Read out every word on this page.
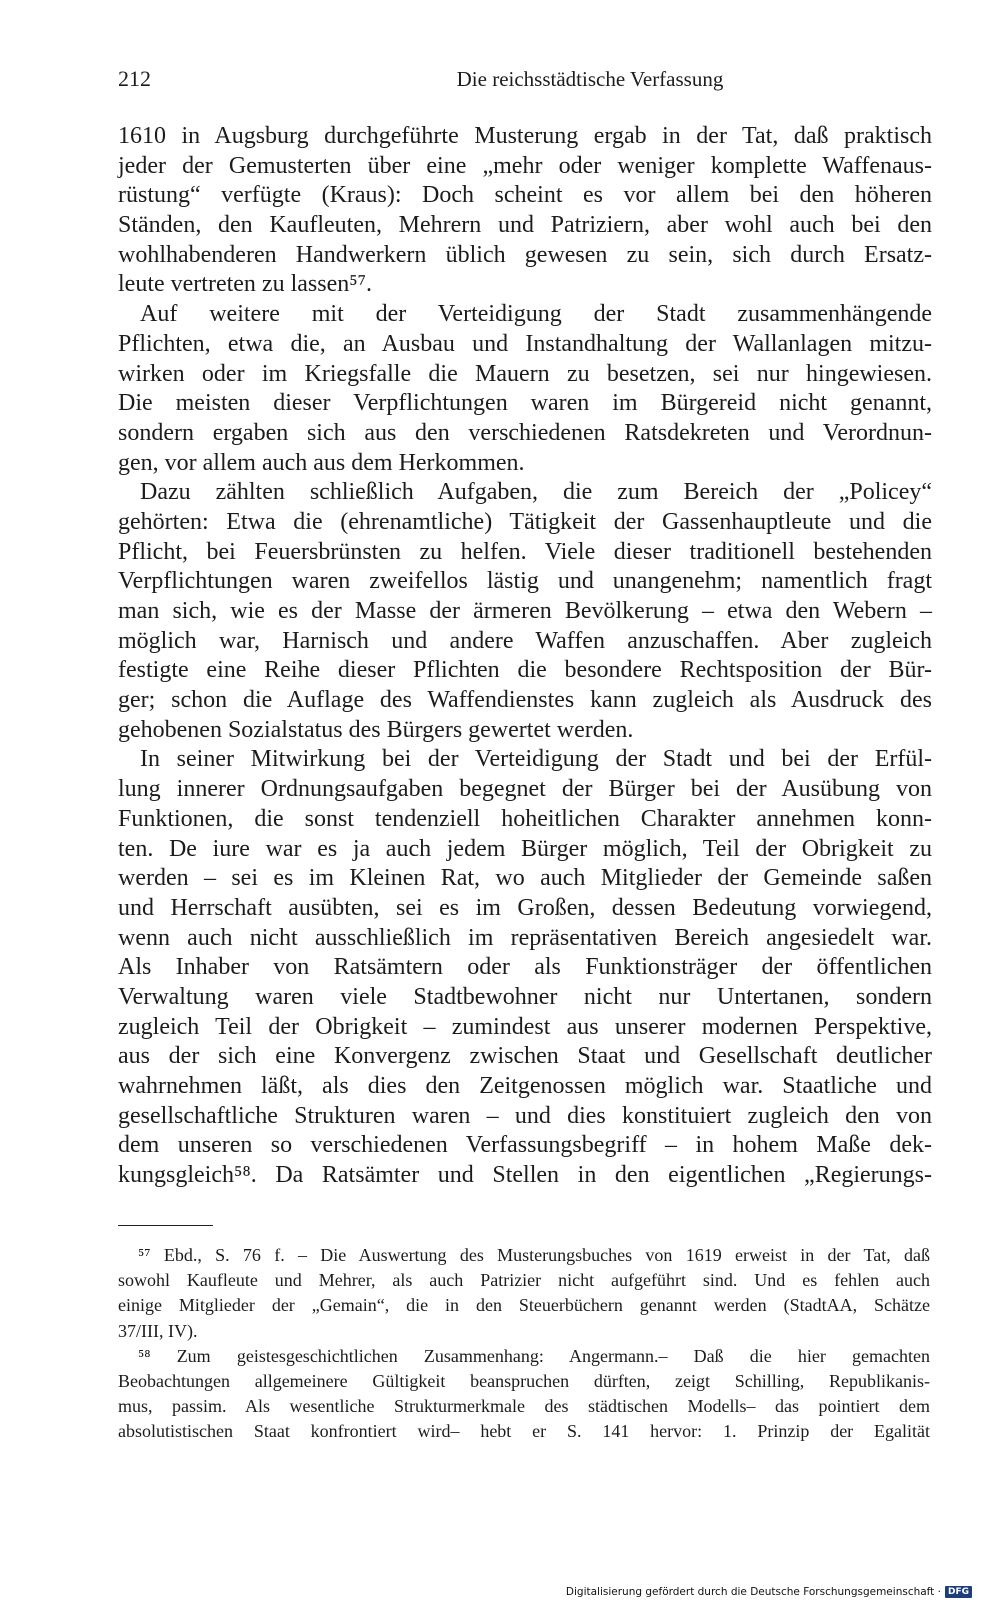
212	Die reichsstädtische Verfassung
1610 in Augsburg durchgeführte Musterung ergab in der Tat, daß praktisch
jeder der Gemusterten über eine „mehr oder weniger komplette Waffenaus-
rüstung“ verfügte (Kraus): Doch scheint es vor allem bei den höheren
Ständen, den Kaufleuten, Mehrern und Patriziern, aber wohl auch bei den
wohlhabenderen Handwerkern üblich gewesen zu sein, sich durch Ersatz-
leute vertreten zu lassen⁵⁷.
Auf weitere mit der Verteidigung der Stadt zusammenhängende
Pflichten, etwa die, an Ausbau und Instandhaltung der Wallanlagen mitzu-
wirken oder im Kriegsfalle die Mauern zu besetzen, sei nur hingewiesen.
Die meisten dieser Verpflichtungen waren im Bürgereid nicht genannt,
sondern ergaben sich aus den verschiedenen Ratsdekreten und Verordnun-
gen, vor allem auch aus dem Herkommen.
Dazu zählten schließlich Aufgaben, die zum Bereich der „Policey“
gehörten: Etwa die (ehrenamtliche) Tätigkeit der Gassenhauptleute und die
Pflicht, bei Feuersbrünsten zu helfen. Viele dieser traditionell bestehenden
Verpflichtungen waren zweifellos lästig und unangenehm; namentlich fragt
man sich, wie es der Masse der ärmeren Bevölkerung – etwa den Webern –
möglich war, Harnisch und andere Waffen anzuschaffen. Aber zugleich
festigte eine Reihe dieser Pflichten die besondere Rechtsposition der Bür-
ger; schon die Auflage des Waffendienstes kann zugleich als Ausdruck des
gehobenen Sozialstatus des Bürgers gewertet werden.
In seiner Mitwirkung bei der Verteidigung der Stadt und bei der Erfül-
lung innerer Ordnungsaufgaben begegnet der Bürger bei der Ausübung von
Funktionen, die sonst tendenziell hoheitlichen Charakter annehmen konn-
ten. De iure war es ja auch jedem Bürger möglich, Teil der Obrigkeit zu
werden – sei es im Kleinen Rat, wo auch Mitglieder der Gemeinde saßen
und Herrschaft ausübten, sei es im Großen, dessen Bedeutung vorwiegend,
wenn auch nicht ausschließlich im repräsentativen Bereich angesiedelt war.
Als Inhaber von Ratsämtern oder als Funktionsträger der öffentlichen
Verwaltung waren viele Stadtbewohner nicht nur Untertanen, sondern
zugleich Teil der Obrigkeit – zumindest aus unserer modernen Perspektive,
aus der sich eine Konvergenz zwischen Staat und Gesellschaft deutlicher
wahrnehmen läßt, als dies den Zeitgenossen möglich war. Staatliche und
gesellschaftliche Strukturen waren – und dies konstituiert zugleich den von
dem unseren so verschiedenen Verfassungsbegriff – in hohem Maße dek-
kungsgleich⁵⁸. Da Ratsämter und Stellen in den eigentlichen „Regierungs-
⁵⁷ Ebd., S. 76 f. – Die Auswertung des Musterungsbuches von 1619 erweist in der Tat, daß
sowohl Kaufleute und Mehrer, als auch Patrizier nicht aufgeführt sind. Und es fehlen auch
einige Mitglieder der „Gemain“, die in den Steuerbüchern genannt werden (StadtAA, Schätze
37/III, IV).
⁵⁸ Zum geistesgeschichtlichen Zusammenhang: Angermann.– Daß die hier gemachten
Beobachtungen allgemeinere Gültigkeit beanspruchen dürften, zeigt Schilling, Republikanis-
mus, passim. Als wesentliche Strukturmerkmale des städtischen Modells– das pointiert dem
absolutistischen Staat konfrontiert wird– hebt er S. 141 hervor: 1. Prinzip der Egalität
Digitalisierung gefördert durch die Deutsche Forschungsgemeinschaft · DFG
